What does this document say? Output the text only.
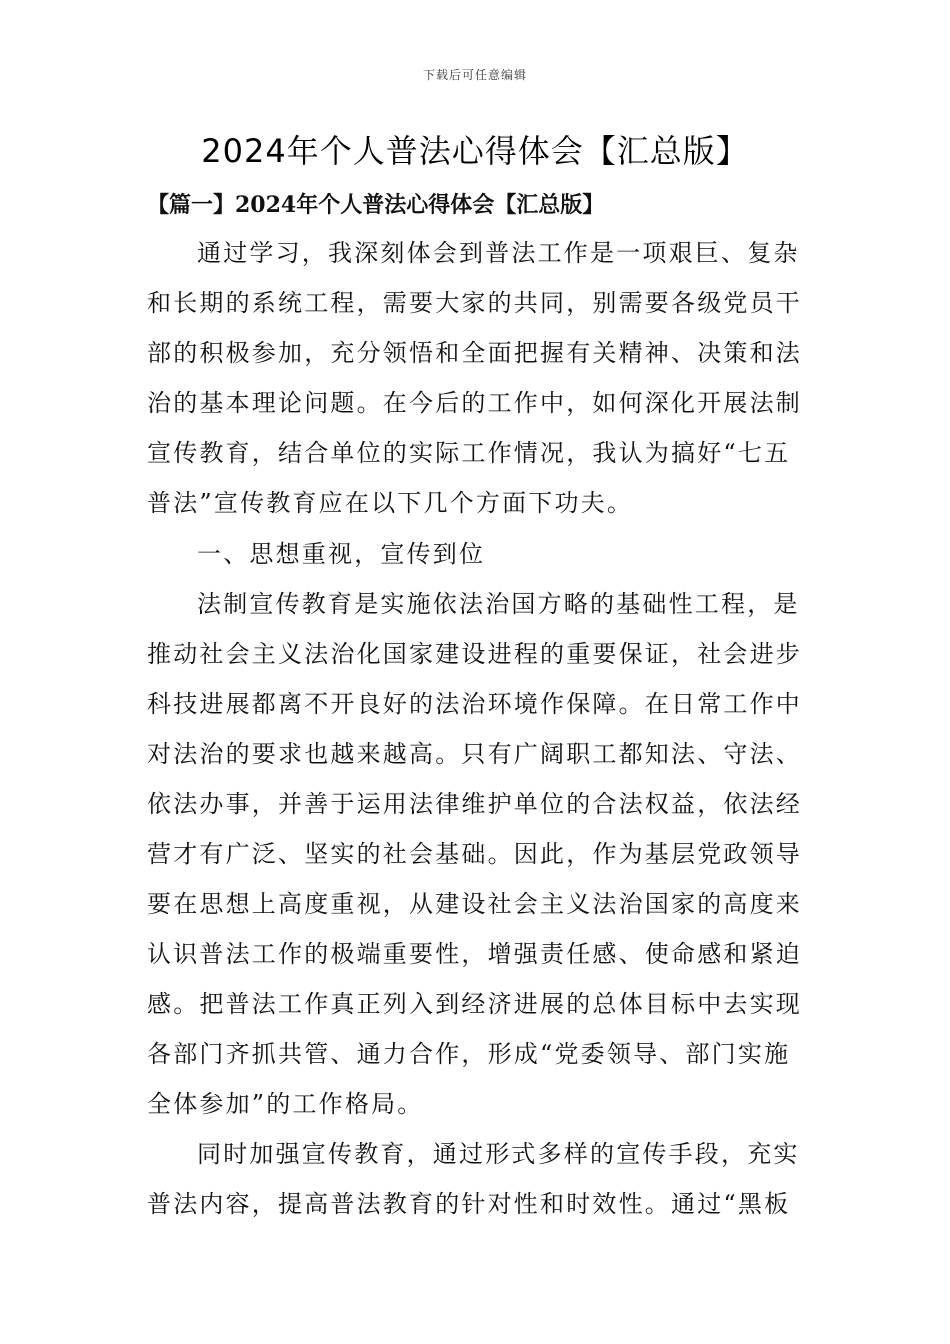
下载后可任意编辑
2024年个人普法心得体会【汇总版】
【篇一】2024年个人普法心得体会【汇总版】
通过学习，我深刻体会到普法工作是一项艰巨、复杂
和长期的系统工程，需要大家的共同，别需要各级党员干
部的积极参加，充分领悟和全面把握有关精神、决策和法
治的基本理论问题。在今后的工作中，如何深化开展法制
宣传教育，结合单位的实际工作情况，我认为搞好“七五
普法”宣传教育应在以下几个方面下功夫。
一、思想重视，宣传到位
法制宣传教育是实施依法治国方略的基础性工程，是
推动社会主义法治化国家建设进程的重要保证，社会进步
科技进展都离不开良好的法治环境作保障。在日常工作中
对法治的要求也越来越高。只有广阔职工都知法、守法、
依法办事，并善于运用法律维护单位的合法权益，依法经
营才有广泛、坚实的社会基础。因此，作为基层党政领导
要在思想上高度重视，从建设社会主义法治国家的高度来
认识普法工作的极端重要性，增强责任感、使命感和紧迫
感。把普法工作真正列入到经济进展的总体目标中去实现
各部门齐抓共管、通力合作，形成“党委领导、部门实施
全体参加”的工作格局。
同时加强宣传教育，通过形式多样的宣传手段，充实
普法内容，提高普法教育的针对性和时效性。通过“黑板
